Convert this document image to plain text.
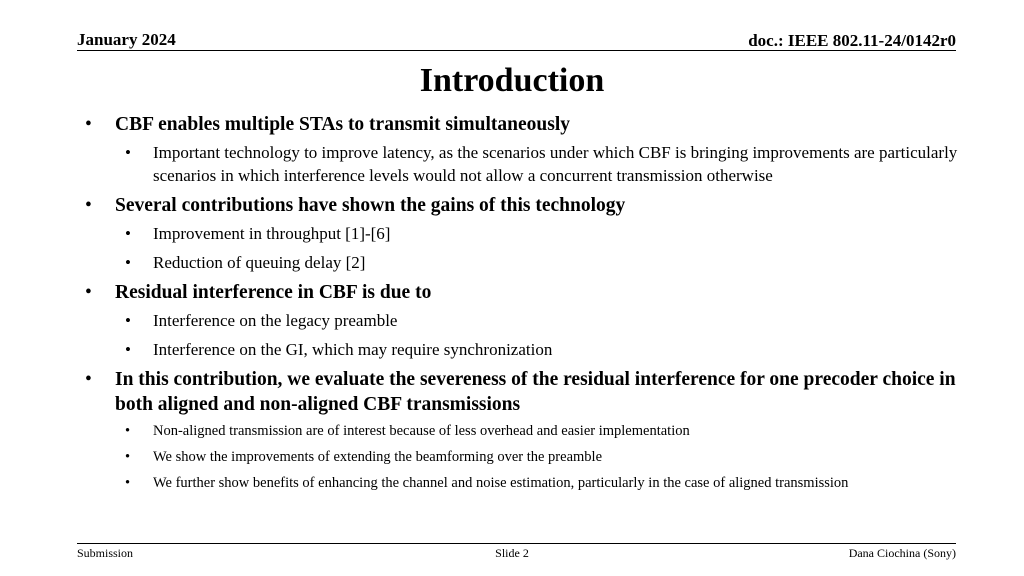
January 2024	doc.: IEEE 802.11-24/0142r0
Introduction
• CBF enables multiple STAs to transmit simultaneously
• Important technology to improve latency, as the scenarios under which CBF is bringing improvements are particularly scenarios in which interference levels would not allow a concurrent transmission otherwise
• Several contributions have shown the gains of this technology
• Improvement in throughput [1]-[6]
• Reduction of queuing delay [2]
• Residual interference in CBF is due to
• Interference on the legacy preamble
• Interference on the GI, which may require synchronization
• In this contribution, we evaluate the severeness of the residual interference for one precoder choice in both aligned and non-aligned CBF transmissions
• Non-aligned transmission are of interest because of less overhead and easier implementation
• We show the improvements of extending the beamforming over the preamble
• We further show benefits of enhancing the channel and noise estimation, particularly in the case of aligned transmission
Submission	Slide 2	Dana Ciochina (Sony)
